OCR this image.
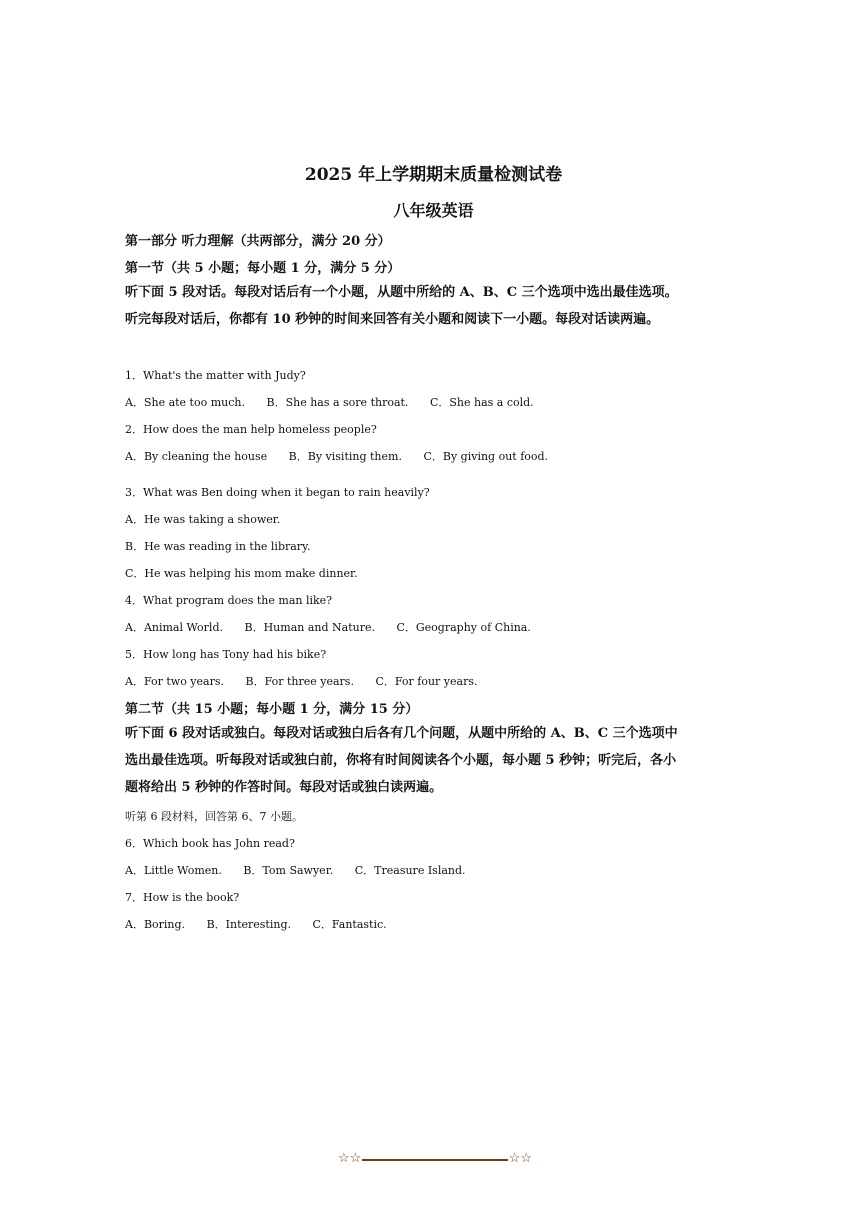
2025 年上学期期末质量检测试卷
八年级英语
第一部分 听力理解（共两部分，满分 20 分）
第一节（共 5 小题；每小题 1 分，满分 5 分）
听下面 5 段对话。每段对话后有一个小题，从题中所给的 A、B、C 三个选项中选出最佳选项。听完每段对话后，你都有 10 秒钟的时间来回答有关小题和阅读下一小题。每段对话读两遍。
1．What's the matter with Judy?
A．She ate too much. B．She has a sore throat. C．She has a cold.
2．How does the man help homeless people?
A．By cleaning the house B．By visiting them. C．By giving out food.
3．What was Ben doing when it began to rain heavily?
A．He was taking a shower.
B．He was reading in the library.
C．He was helping his mom make dinner.
4．What program does the man like?
A．Animal World. B．Human and Nature. C．Geography of China.
5．How long has Tony had his bike?
A．For two years. B．For three years. C．For four years.
第二节（共 15 小题；每小题 1 分，满分 15 分）
听下面 6 段对话或独白。每段对话或独白后各有几个问题，从题中所给的 A、B、C 三个选项中选出最佳选项。听每段对话或独白前，你将有时间阅读各个小题，每小题 5 秒钟；听完后，各小题将给出 5 秒钟的作答时间。每段对话或独白读两遍。
听第 6 段材料，回答第 6、7 小题。
6．Which book has John read?
A．Little Women. B．Tom Sawyer. C．Treasure Island.
7．How is the book?
A．Boring. B．Interesting. C．Fantastic.
☆☆	☆☆
